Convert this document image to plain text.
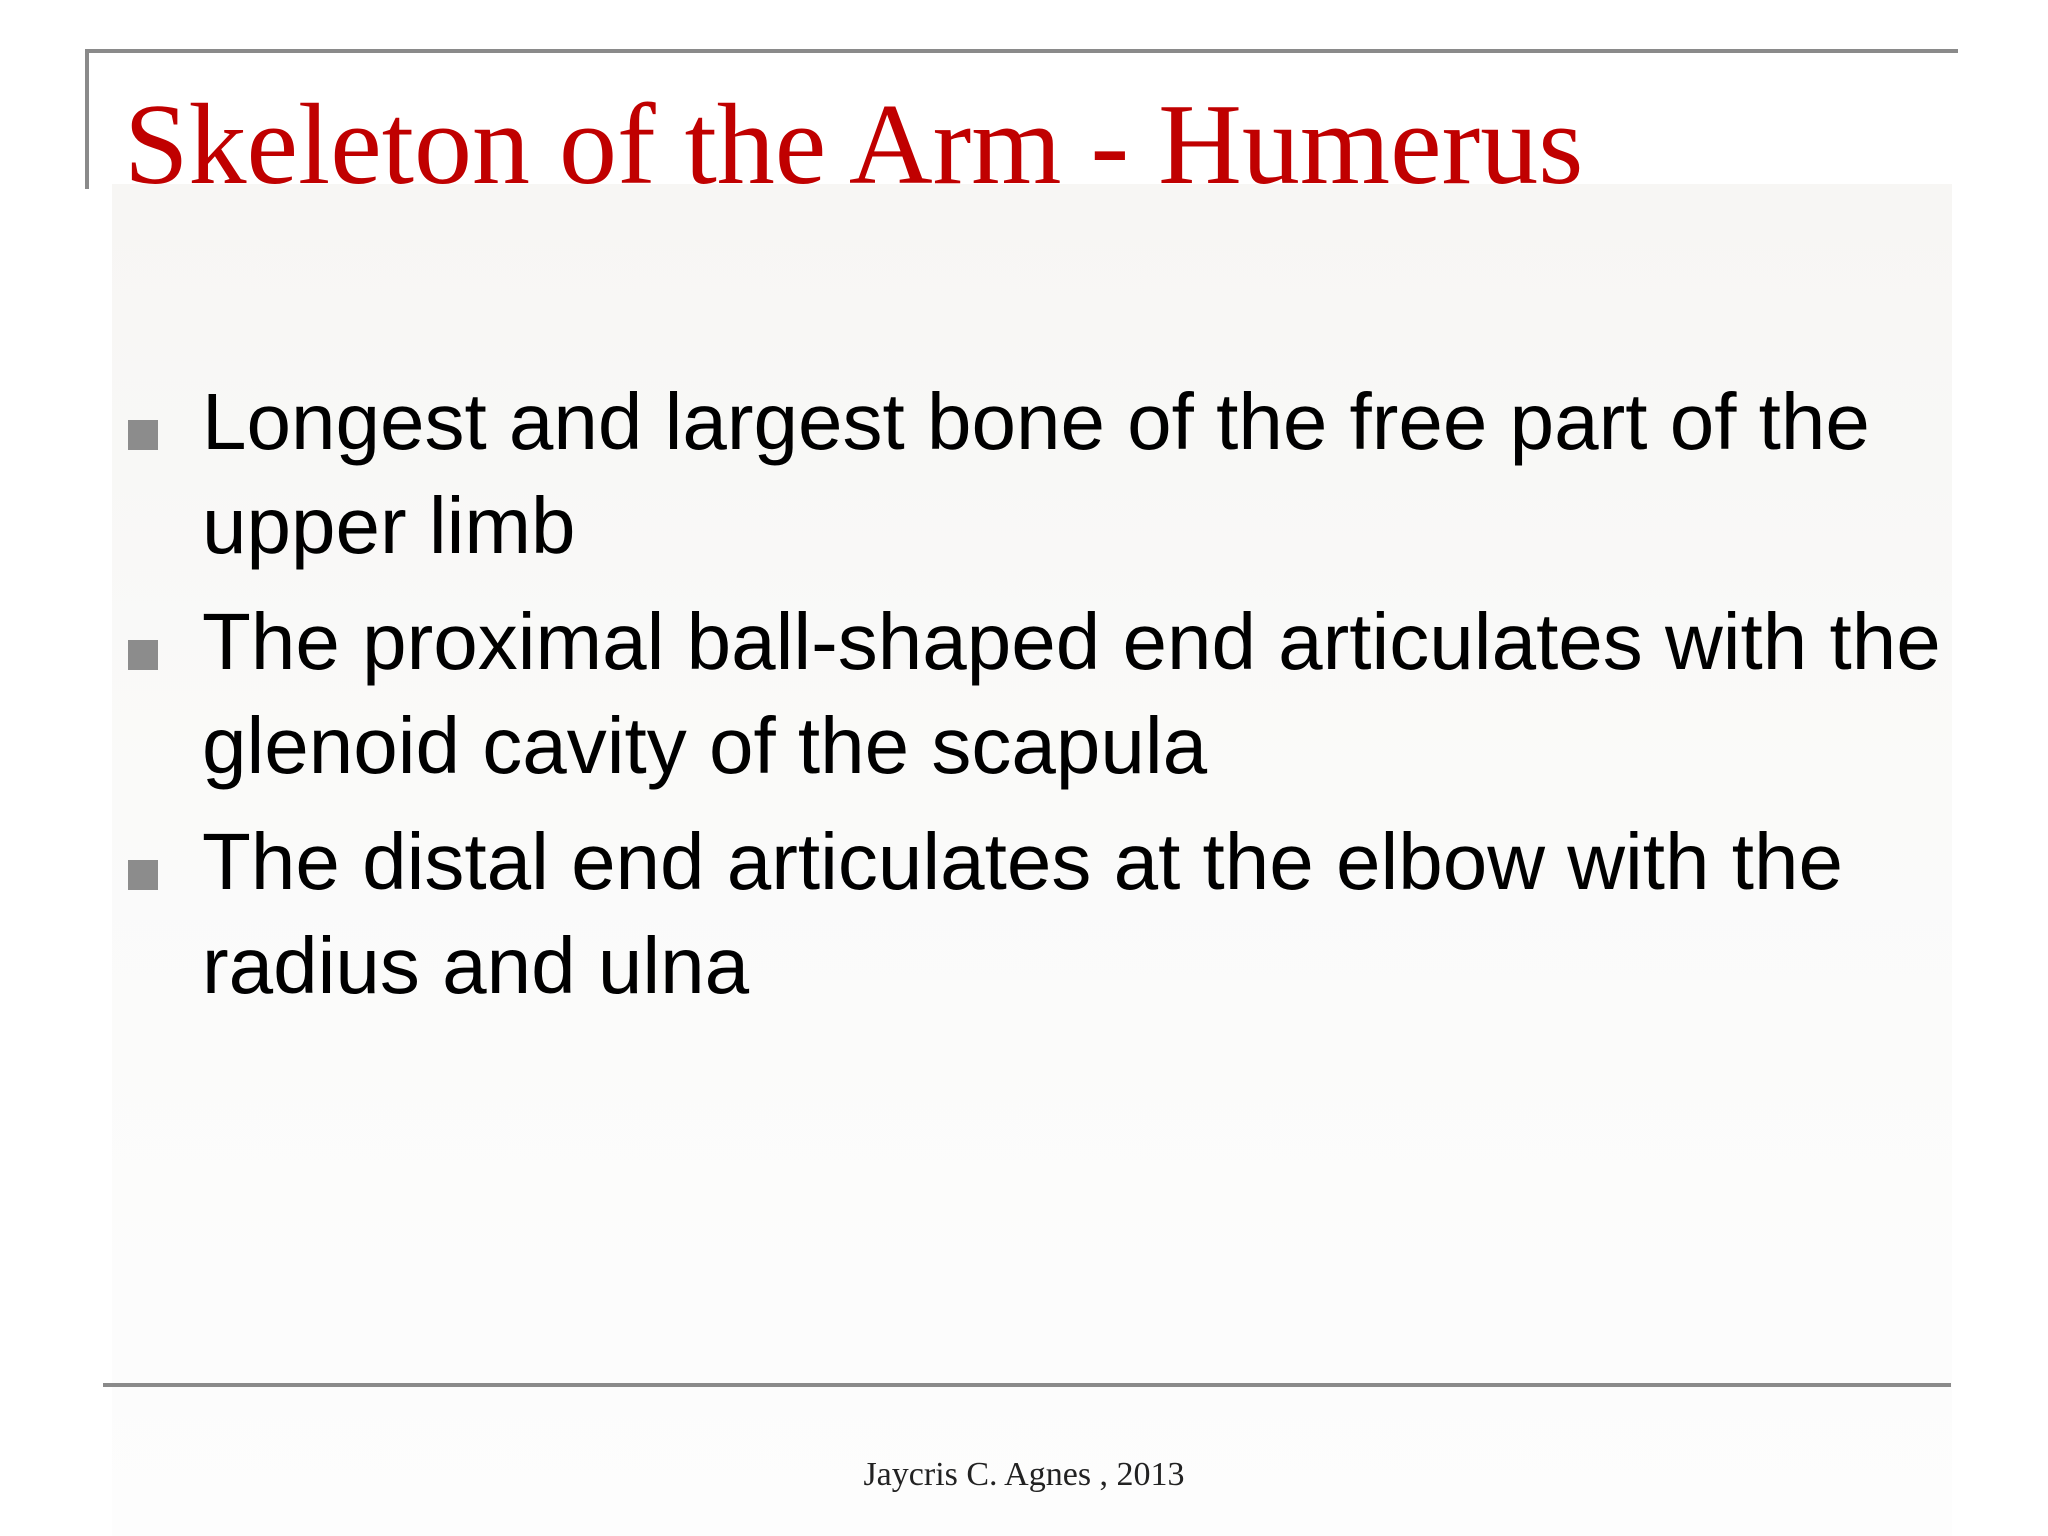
Skeleton of the Arm - Humerus
Longest and largest bone of the free part of the upper limb
The proximal ball-shaped end articulates with the glenoid cavity of the scapula
The distal end articulates at the elbow with the radius and ulna
Jaycris C. Agnes , 2013
